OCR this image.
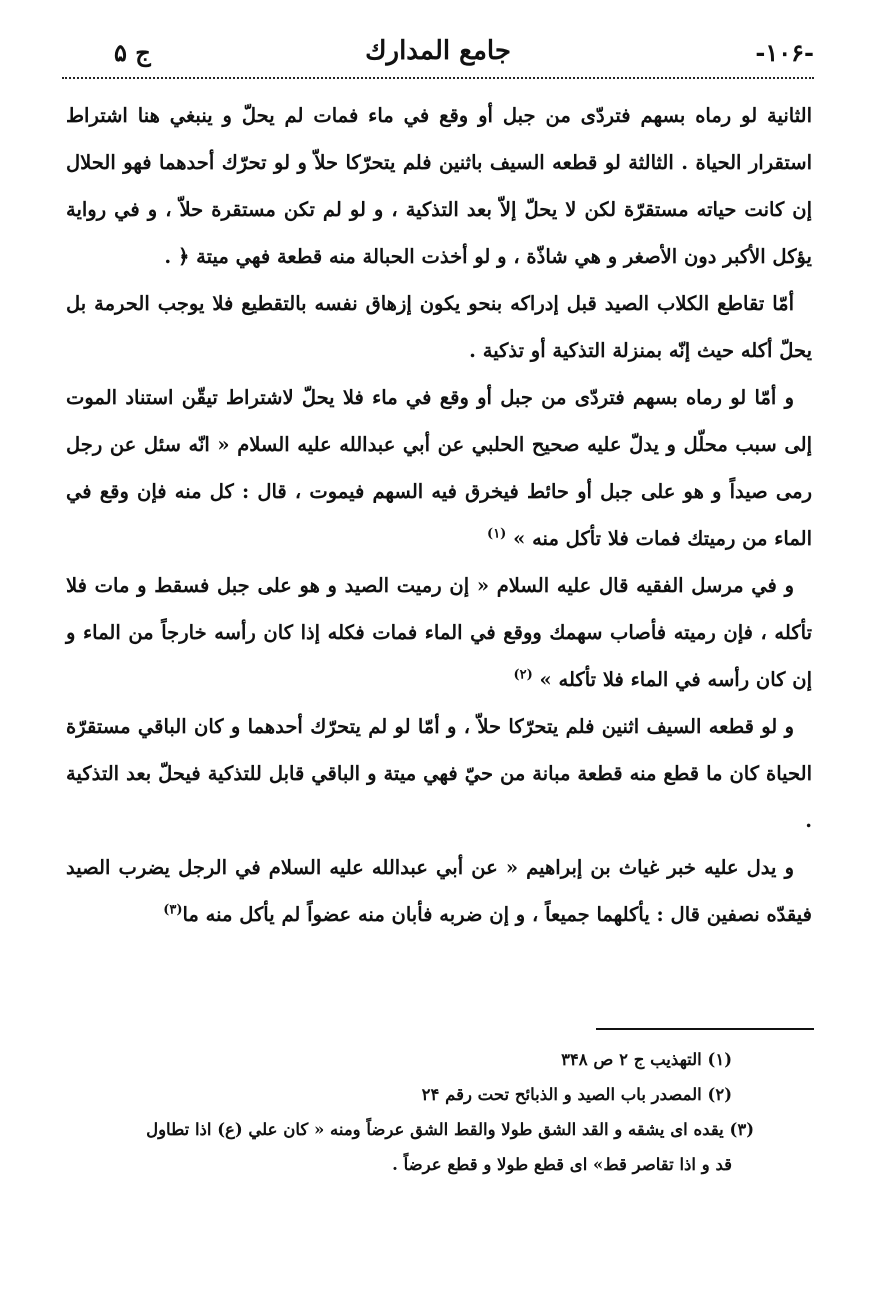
-۱۰۶-
جامع المدارك
ج ۵

الثانية لو رماه بسهم فتردّى من جبل أو وقع في ماء فمات لم يحلّ و ينبغي هنا اشتراط استقرار الحياة . الثالثة لو قطعه السيف باثنين فلم يتحرّكا حلاّ و لو تحرّك أحدهما فهو الحلال إن كانت حياته مستقرّة لكن لا يحلّ إلاّ بعد التذكية ، و لو لم تكن مستقرة حلاّ ، و في رواية يؤكل الأكبر دون الأصغر و هي شاذّة ، و لو أخذت الحبالة منه قطعة فهي ميتة ﴿ .

أمّا تقاطع الكلاب الصيد قبل إدراكه بنحو يكون إزهاق نفسه بالتقطيع فلا يوجب الحرمة بل يحلّ أكله حيث إنّه بمنزلة التذكية أو تذكية .

و أمّا لو رماه بسهم فتردّى من جبل أو وقع في ماء فلا يحلّ لاشتراط تيقّن استناد الموت إلى سبب محلّل و يدلّ عليه صحيح الحلبي عن أبي عبدالله عليه السلام « انّه سئل عن رجل رمى صيداً و هو على جبل أو حائط فيخرق فيه السهم فيموت ، قال : كل منه فإن وقع في الماء من رميتك فمات فلا تأكل منه » $^{(۱)}$

و في مرسل الفقيه قال عليه السلام « إن رميت الصيد و هو على جبل فسقط و مات فلا تأكله ، فإن رميته فأصاب سهمك ووقع في الماء فمات فكله إذا كان رأسه خارجاً من الماء و إن كان رأسه في الماء فلا تأكله » $^{(۲)}$

و لو قطعه السيف اثنين فلم يتحرّكا حلاّ ، و أمّا لو لم يتحرّك أحدهما و كان الباقي مستقرّة الحياة كان ما قطع منه قطعة مبانة من حيّ فهي ميتة و الباقي قابل للتذكية فيحلّ بعد التذكية .

و يدل عليه خبر غياث بن إبراهيم « عن أبي عبدالله عليه السلام في الرجل يضرب الصيد فيقدّه نصفين قال : يأكلهما جميعاً ، و إن ضربه فأبان منه عضواً لم يأكل منه ما$^{(۳)}$

(۱) التهذيب ج ۲ ص ۳۴۸

(۲) المصدر باب الصيد و الذبائح تحت رقم ۲۴

(۳) يقده اى يشقه و القد الشق طولا والقط الشق عرضاً ومنه « كان علي (ع) اذا تطاول

قد و اذا تقاصر قط» اى قطع طولا و قطع عرضاً .
